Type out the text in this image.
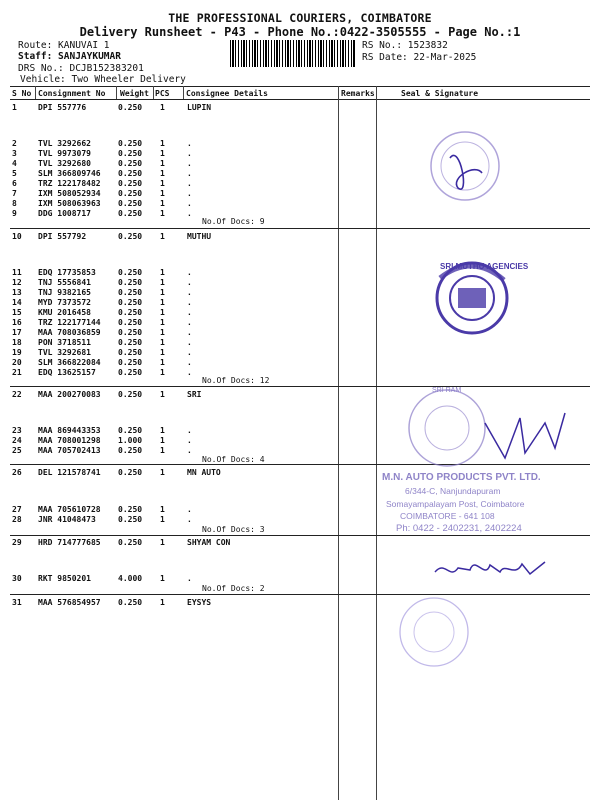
THE PROFESSIONAL COURIERS, COIMBATORE
Delivery Runsheet - P43 - Phone No.:0422-3505555 - Page No.:1
Route: KANUVAI 1
Staff: SANJAYKUMAR
DRS No.: DCJB152383201
Vehicle: Two Wheeler Delivery
RS No.: 1523832
RS Date: 22-Mar-2025
S No Consignment No Weight PCS Consignee Details	Remarks	Seal & Signature
1	DPI 557776	0.250 1	LUPIN
2	TVL 3292662	0.250 1	.
3	TVL 9973079	0.250 1	.
4	TVL 3292680	0.250 1	.
5	SLM 366809746 0.250 1	.
6	TRZ 122178482 0.250 1	.
7	IXM 508052934 0.250 1	.
8	IXM 508063963 0.250 1	.
9	DDG 1008717	0.250 1	.
10 DPI 557792	0.250 1	MUTHU
11 EDQ 17735853	0.250 1	.
12 TNJ 5556841	0.250 1	.
13 TNJ 9382165	0.250 1	.
14 MYD 7373572	0.250 1	.
15 KMU 2016458	0.250 1	.
16 TRZ 122177144 0.250 1	.
17 MAA 708036859 0.250 1	.
18 PON 3718511	0.250 1	.
19 TVL 3292681	0.250 1	.
20 SLM 366822084 0.250 1	.
21 EDQ 13625157	0.250 1	.
22 MAA 200270083 0.250 1	SRI
23 MAA 869443353 0.250 1	.
24 MAA 708001298 1.000 1	.
25 MAA 705702413 0.250 1	.
26 DEL 121578741 0.250 1	MN AUTO
27 MAA 705610728 0.250 1	.
28 JNR 41048473	0.250 1	.
29 HRD 714777685 0.250 1	SHYAM CON
30 RKT 9850201	4.000 1	.
31 MAA 576854957 0.250 1	EYSYS
No.Of Docs: 9
No.Of Docs: 12
No.Of Docs: 4
No.Of Docs: 3
No.Of Docs: 2
SRI MUTHU AGENCIES
SRI RAM
M.N. AUTO PRODUCTS PVT. LTD.
6/344-C, Nanjundapuram
Somayampalayam Post, Coimbatore
COIMBATORE - 641 108
Ph: 0422 - 2402231, 2402224
